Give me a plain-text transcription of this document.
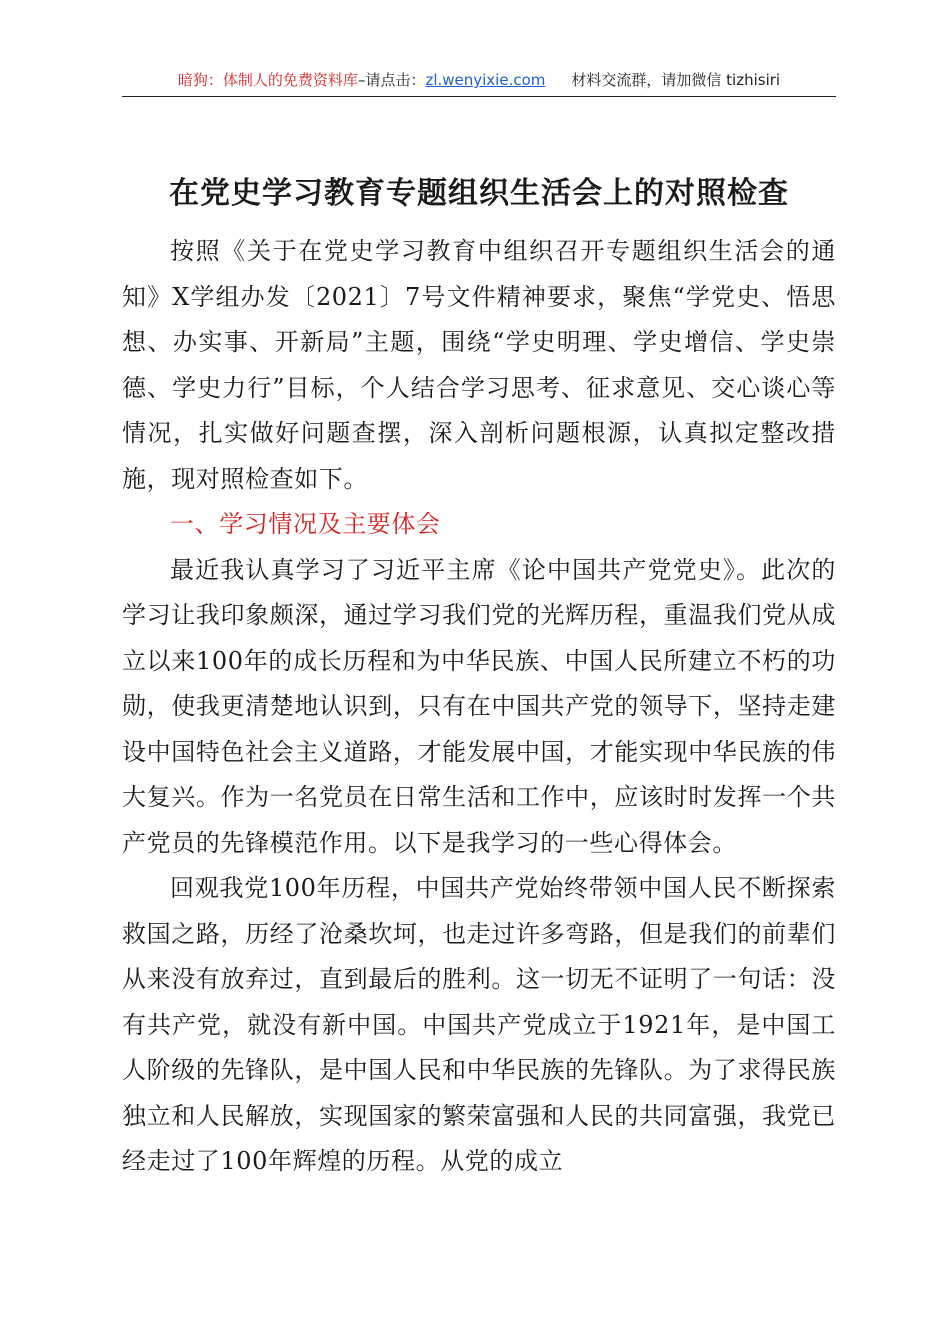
暗狗：体制人的免费资料库–请点击：zl.wenyixie.com 材料交流群，请加微信 tizhisiri
在党史学习教育专题组织生活会上的对照检查

按照《关于在党史学习教育中组织召开专题组织生活会的通知》X学组办发〔2021〕7号文件精神要求，聚焦“学党史、悟思想、办实事、开新局”主题，围绕“学史明理、学史增信、学史崇德、学史力行”目标，个人结合学习思考、征求意见、交心谈心等情况，扎实做好问题查摆，深入剖析问题根源，认真拟定整改措施，现对照检查如下。

一、学习情况及主要体会

最近我认真学习了习近平主席《论中国共产党党史》。此次的学习让我印象颇深，通过学习我们党的光辉历程，重温我们党从成立以来100年的成长历程和为中华民族、中国人民所建立不朽的功勋，使我更清楚地认识到，只有在中国共产党的领导下，坚持走建设中国特色社会主义道路，才能发展中国，才能实现中华民族的伟大复兴。作为一名党员在日常生活和工作中，应该时时发挥一个共产党员的先锋模范作用。以下是我学习的一些心得体会。

回观我党100年历程，中国共产党始终带领中国人民不断探索救国之路，历经了沧桑坎坷，也走过许多弯路，但是我们的前辈们从来没有放弃过，直到最后的胜利。这一切无不证明了一句话：没有共产党，就没有新中国。中国共产党成立于1921年，是中国工人阶级的先锋队，是中国人民和中华民族的先锋队。为了求得民族独立和人民解放，实现国家的繁荣富强和人民的共同富强，我党已经走过了100年辉煌的历程。从党的成立
